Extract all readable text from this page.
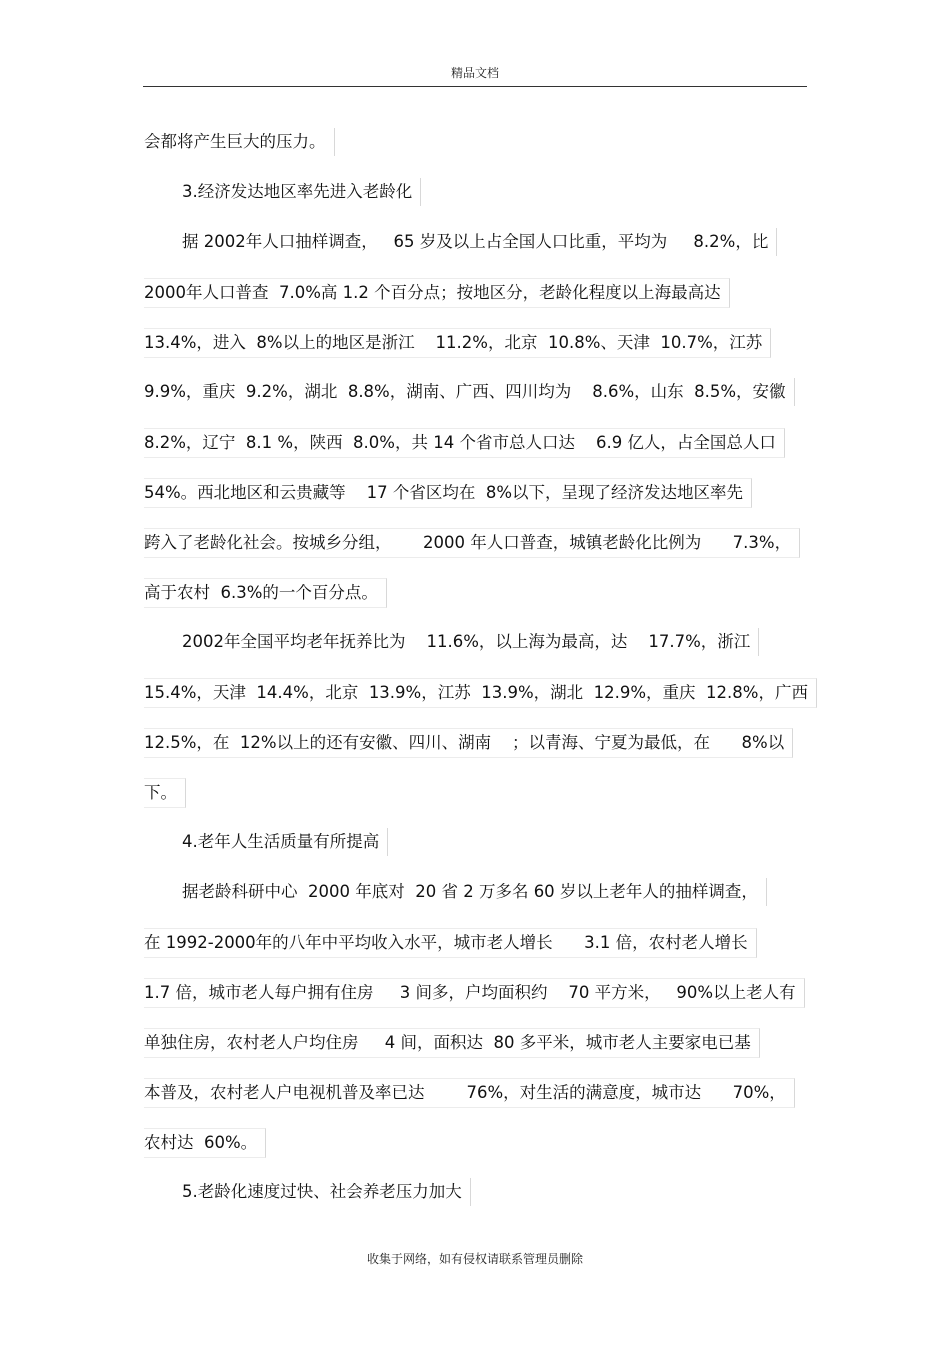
精品文档
会都将产生巨大的压力。
3.经济发达地区率先进入老龄化
据 2002年人口抽样调查，   65 岁及以上占全国人口比重，平均为     8.2%，比
2000年人口普查  7.0%高 1.2 个百分点；按地区分，老龄化程度以上海最高达
13.4%，进入  8%以上的地区是浙江    11.2%，北京  10.8%、天津  10.7%，江苏
9.9%，重庆  9.2%，湖北  8.8%，湖南、广西、四川均为    8.6%，山东  8.5%，安徽
8.2%，辽宁  8.1 %，陕西  8.0%，共 14 个省市总人口达    6.9 亿人，占全国总人口
54%。西北地区和云贵藏等    17 个省区均在  8%以下，呈现了经济发达地区率先
跨入了老龄化社会。按城乡分组，      2000 年人口普查，城镇老龄化比例为      7.3%，
高于农村  6.3%的一个百分点。
2002年全国平均老年抚养比为    11.6%，以上海为最高，达    17.7%，浙江
15.4%，天津  14.4%，北京  13.9%，江苏  13.9%，湖北  12.9%，重庆  12.8%，广西
12.5%，在  12%以上的还有安徽、四川、湖南    ；以青海、宁夏为最低，在      8%以
下。
4.老年人生活质量有所提高
据老龄科研中心  2000 年底对  20 省 2 万多名 60 岁以上老年人的抽样调查，
在 1992-2000年的八年中平均收入水平，城市老人增长      3.1 倍，农村老人增长
1.7 倍，城市老人每户拥有住房     3 间多，户均面积约    70 平方米，   90%以上老人有
单独住房，农村老人户均住房     4 间，面积达  80 多平米，城市老人主要家电已基
本普及，农村老人户电视机普及率已达        76%，对生活的满意度，城市达      70%，
农村达  60%。
5.老龄化速度过快、社会养老压力加大
收集于网络，如有侵权请联系管理员删除
